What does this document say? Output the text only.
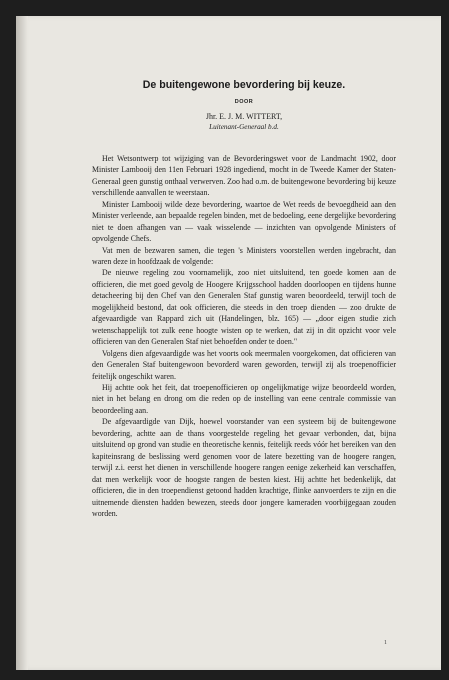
De buitengewone bevordering bij keuze.
DOOR
Jhr. E. J. M. WITTERT,
Luitenant-Generaal b.d.

Het Wetsontwerp tot wijziging van de Bevorderingswet voor de Landmacht 1902, door Minister Lambooij den 11en Februari 1928 ingediend, mocht in de Tweede Kamer der Staten-Generaal geen gunstig onthaal verwerven. Zoo had o.m. de buitengewone bevordering bij keuze verschillende aanvallen te weerstaan.

Minister Lambooij wilde deze bevordering, waartoe de Wet reeds de bevoegdheid aan den Minister verleende, aan bepaalde regelen binden, met de bedoeling, eene dergelijke bevordering niet te doen afhangen van — vaak wisselende — inzichten van opvolgende Ministers of opvolgende Chefs.

Vat men de bezwaren samen, die tegen 's Ministers voorstellen werden ingebracht, dan waren deze in hoofdzaak de volgende:

De nieuwe regeling zou voornamelijk, zoo niet uitsluitend, ten goede komen aan de officieren, die met goed gevolg de Hoogere Krijgsschool hadden doorloopen en tijdens hunne detacheering bij den Chef van den Generalen Staf gunstig waren beoordeeld, terwijl toch de mogelijkheid bestond, dat ook officieren, die steeds in den troep dienden — zoo drukte de afgevaardigde van Rappard zich uit (Handelingen, blz. 165) — „door eigen studie zich wetenschappelijk tot zulk eene hoogte wisten op te werken, dat zij in dit opzicht voor vele officieren van den Generalen Staf niet behoefden onder te doen."

Volgens dien afgevaardigde was het voorts ook meermalen voorgekomen, dat officieren van den Generalen Staf buitengewoon bevorderd waren geworden, terwijl zij als troepenofficier feitelijk ongeschikt waren.

Hij achtte ook het feit, dat troepenofficieren op ongelijkmatige wijze beoordeeld worden, niet in het belang en drong om die reden op de instelling van eene centrale commissie van beoordeeling aan.

De afgevaardigde van Dijk, hoewel voorstander van een systeem bij de buitengewone bevordering, achtte aan de thans voorgestelde regeling het gevaar verbonden, dat, bijna uitsluitend op grond van studie en theoretische kennis, feitelijk reeds vóór het bereiken van den kapiteinsrang de beslissing werd genomen voor de latere bezetting van de hoogere rangen, terwijl z.i. eerst het dienen in verschillende hoogere rangen eenige zekerheid kan verschaffen, dat men werkelijk voor de hoogste rangen de besten kiest. Hij achtte het bedenkelijk, dat officieren, die in den troependienst getoond hadden krachtige, flinke aanvoerders te zijn en die uitnemende diensten hadden bewezen, steeds door jongere kameraden voorbijgegaan zouden worden.

1
